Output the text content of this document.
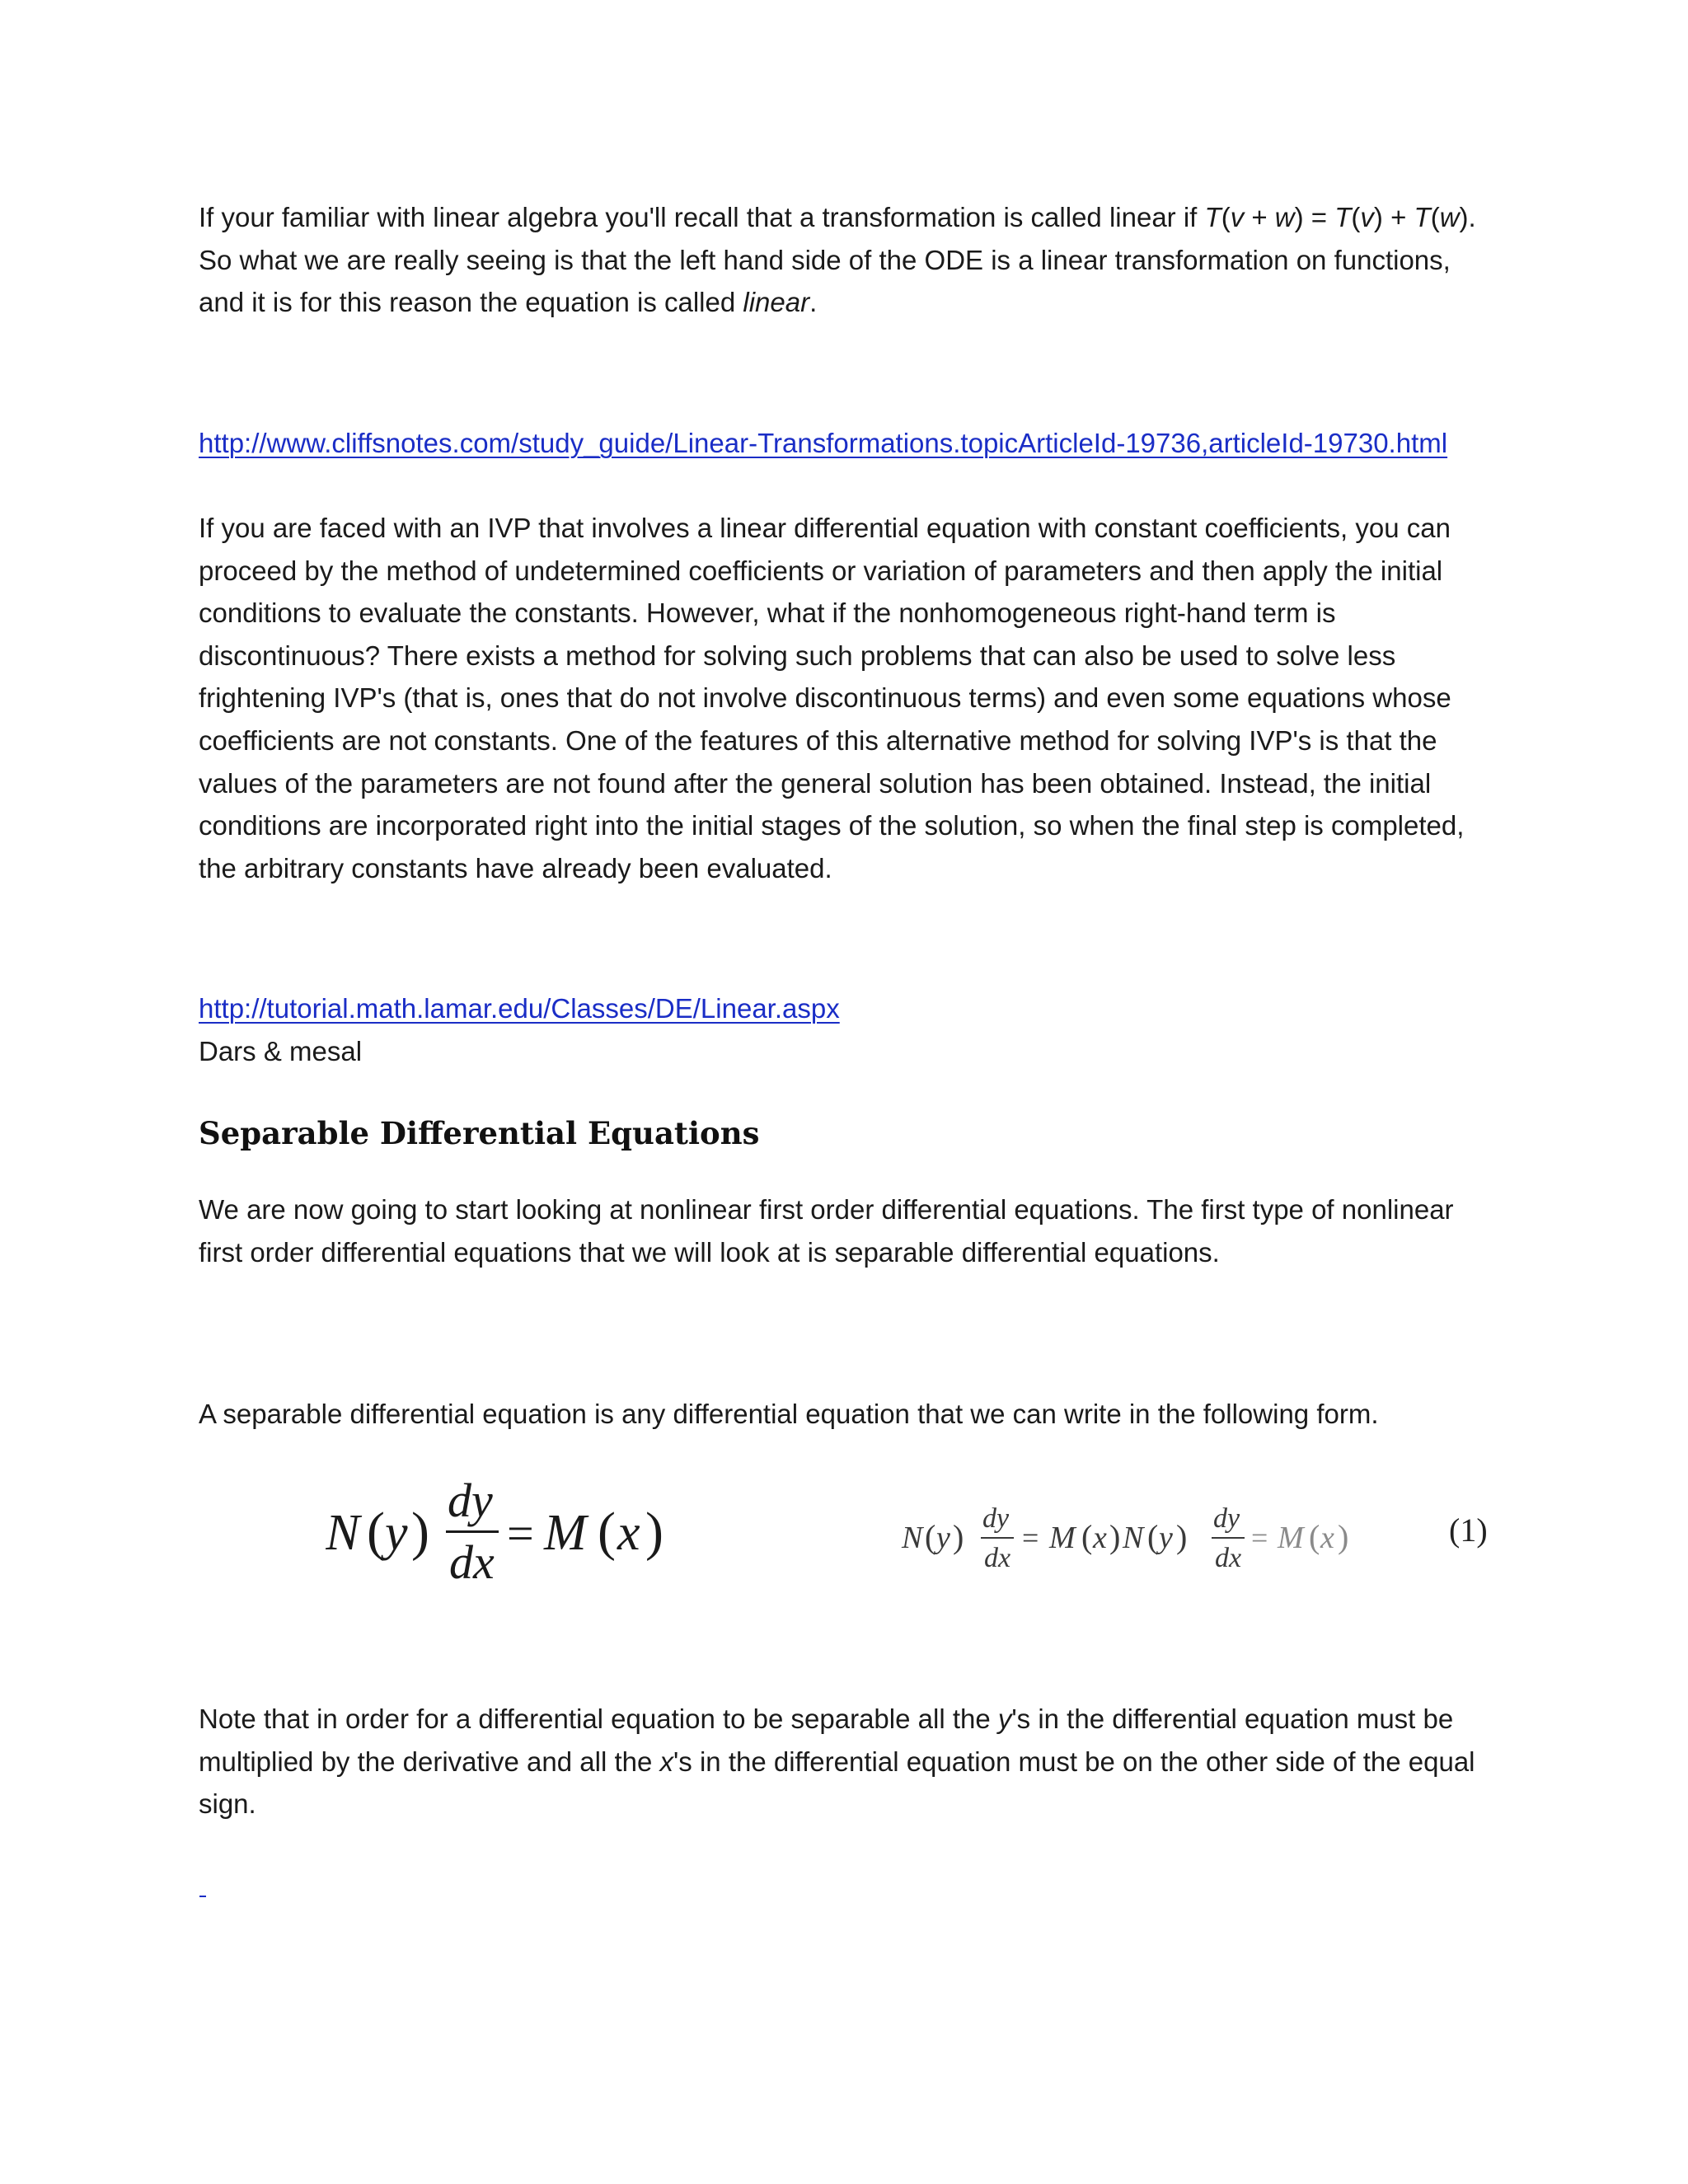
If your familiar with linear algebra you'll recall that a transformation is called linear if T(v + w) = T(v) + T(w). So what we are really seeing is that the left hand side of the ODE is a linear transformation on functions, and it is for this reason the equation is called linear.

http://www.cliffsnotes.com/study_guide/Linear-Transformations.topicArticleId-19736,articleId-19730.html

If you are faced with an IVP that involves a linear differential equation with constant coefficients, you can proceed by the method of undetermined coefficients or variation of parameters and then apply the initial conditions to evaluate the constants. However, what if the nonhomogeneous right-hand term is discontinuous? There exists a method for solving such problems that can also be used to solve less frightening IVP's (that is, ones that do not involve discontinuous terms) and even some equations whose coefficients are not constants. One of the features of this alternative method for solving IVP's is that the values of the parameters are not found after the general solution has been obtained. Instead, the initial conditions are incorporated right into the initial stages of the solution, so when the final step is completed, the arbitrary constants have already been evaluated.

http://tutorial.math.lamar.edu/Classes/DE/Linear.aspx

Dars & mesal

Separable Differential Equations

We are now going to start looking at nonlinear first order differential equations. The first type of nonlinear first order differential equations that we will look at is separable differential equations.

A separable differential equation is any differential equation that we can write in the following form.

N ( y )
dy
dx
= M ( x )	N ( y ) dy
dx
= M ( x ) N ( y ) dy
dx
= M ( x )	(1)

Note that in order for a differential equation to be separable all the y's in the differential equation must be multiplied by the derivative and all the x's in the differential equation must be on the other side of the equal sign.
